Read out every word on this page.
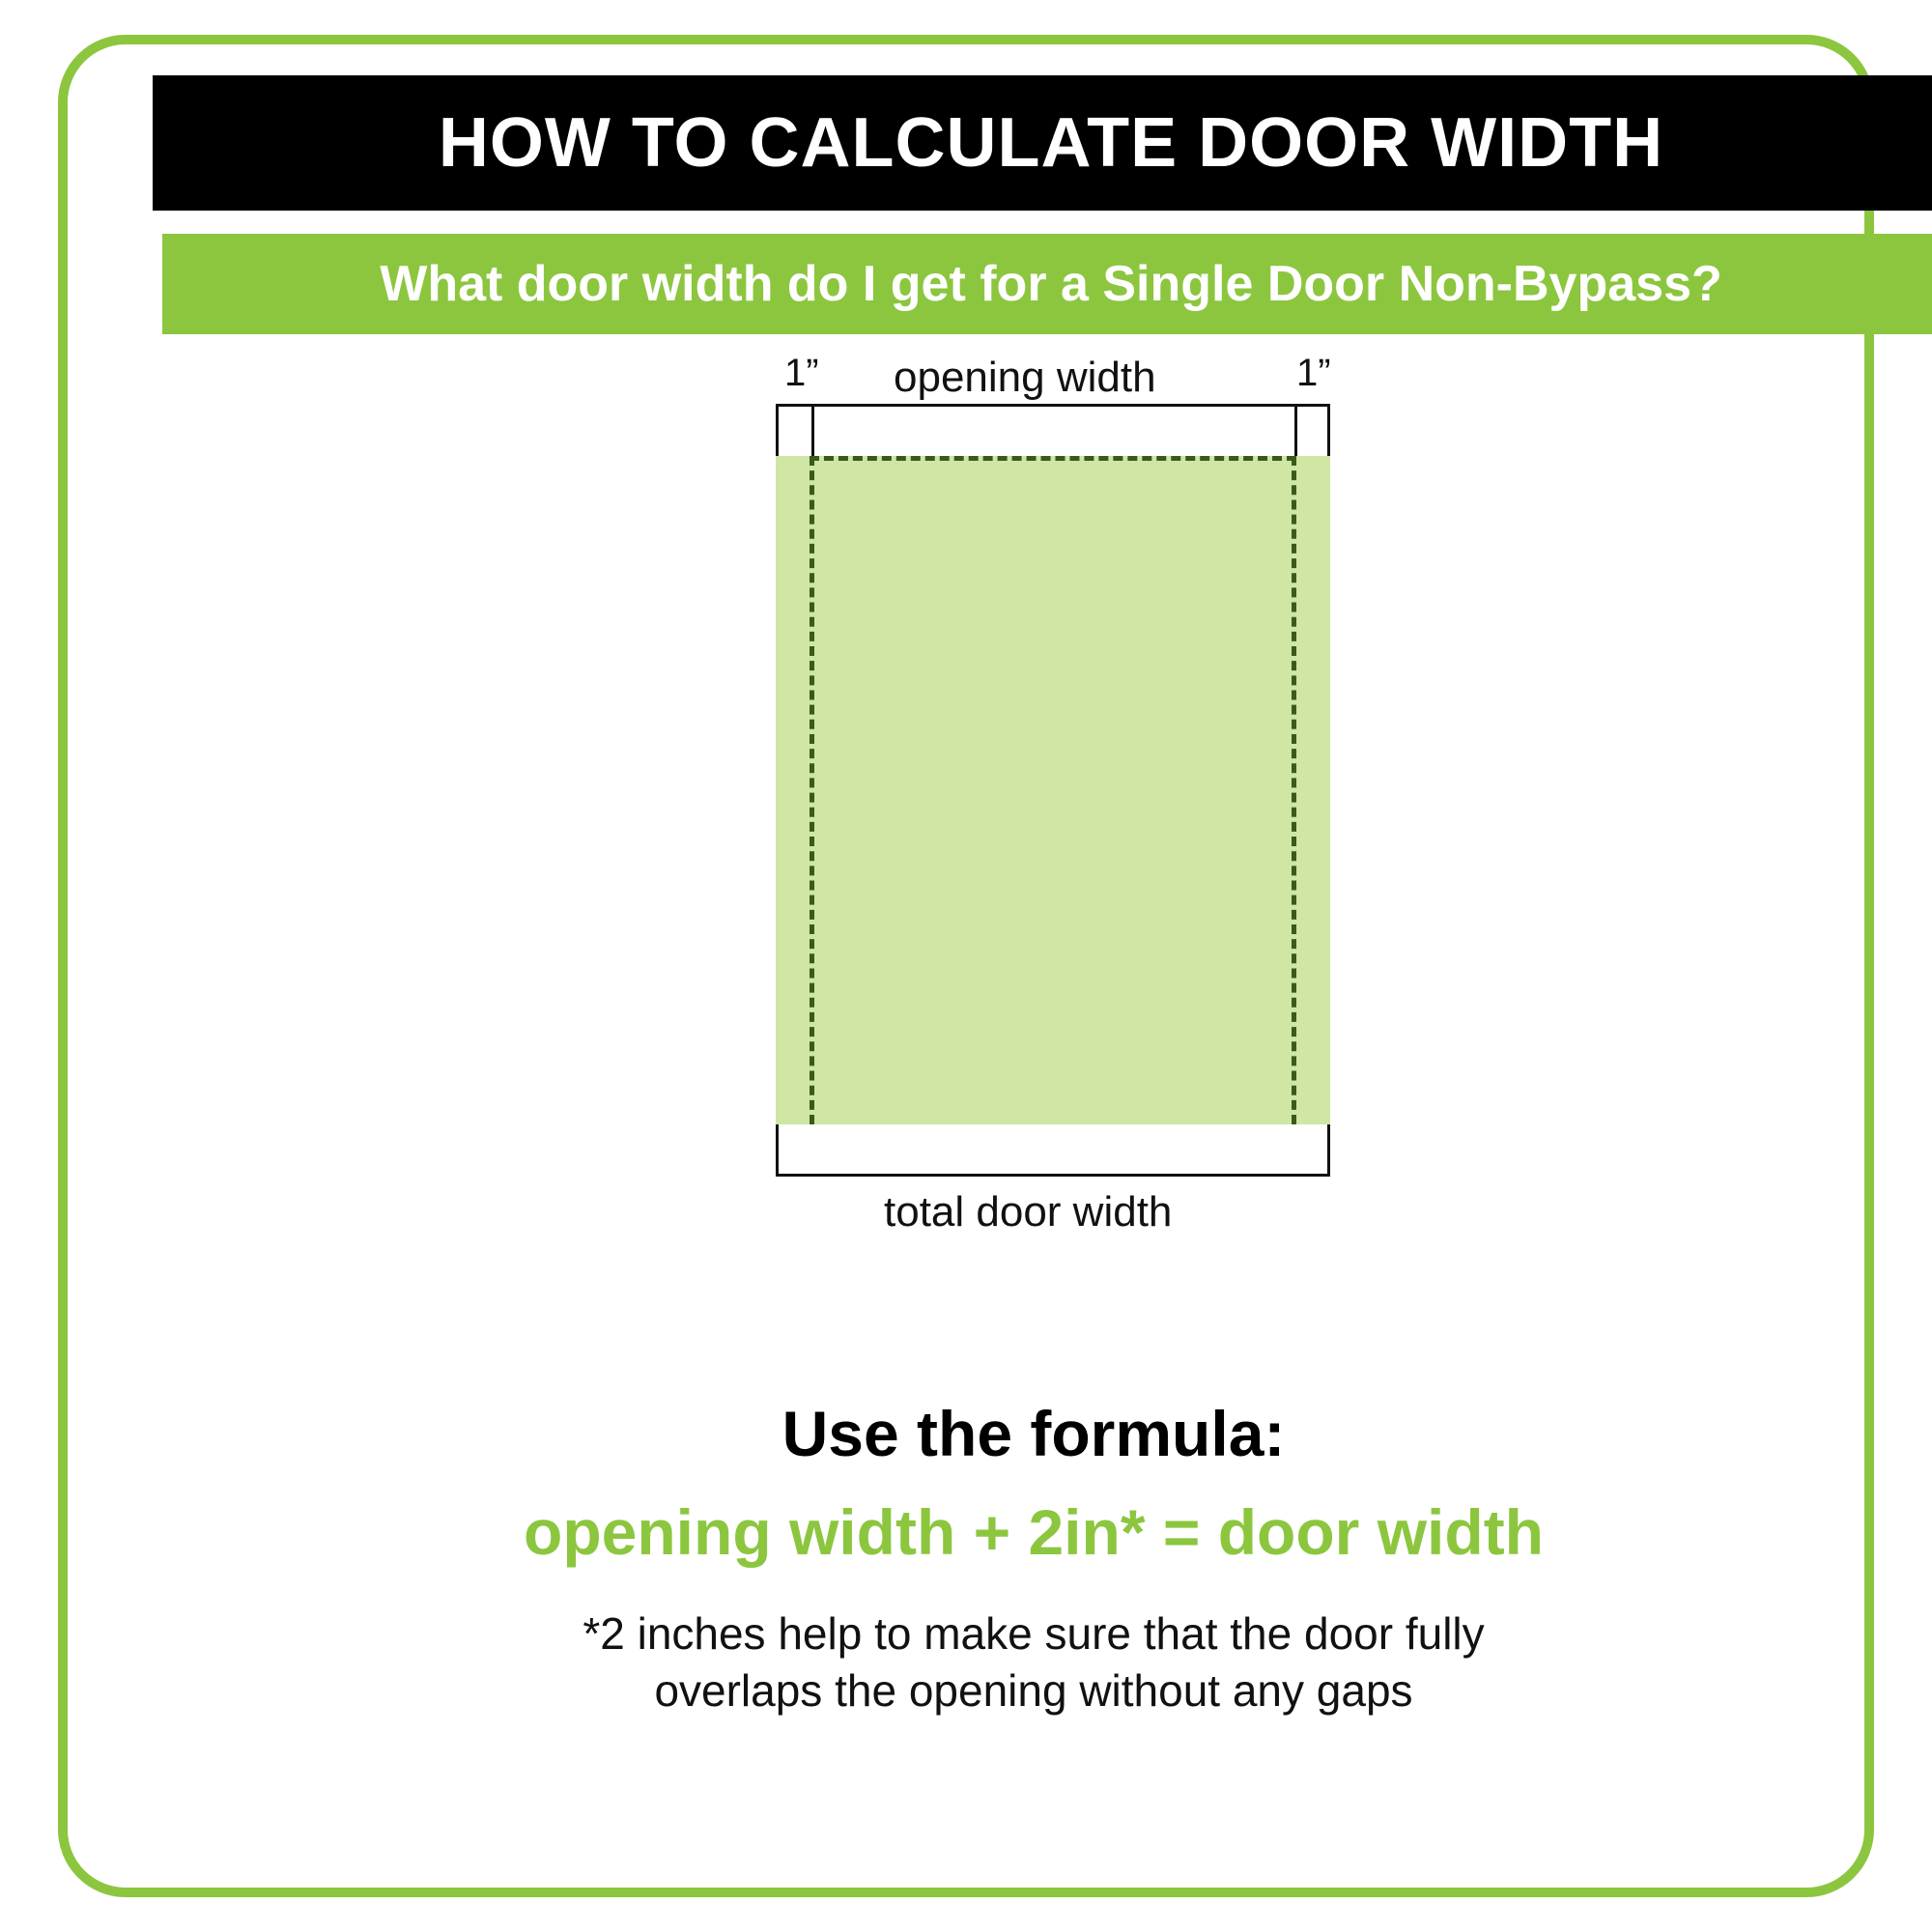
HOW TO CALCULATE DOOR WIDTH
What door width do I get for a Single Door Non-Bypass?
1”	1”
opening width
total door width

Use the formula:

opening width + 2in* = door width

*2 inches help to make sure that the door fully
overlaps the opening without any gaps
